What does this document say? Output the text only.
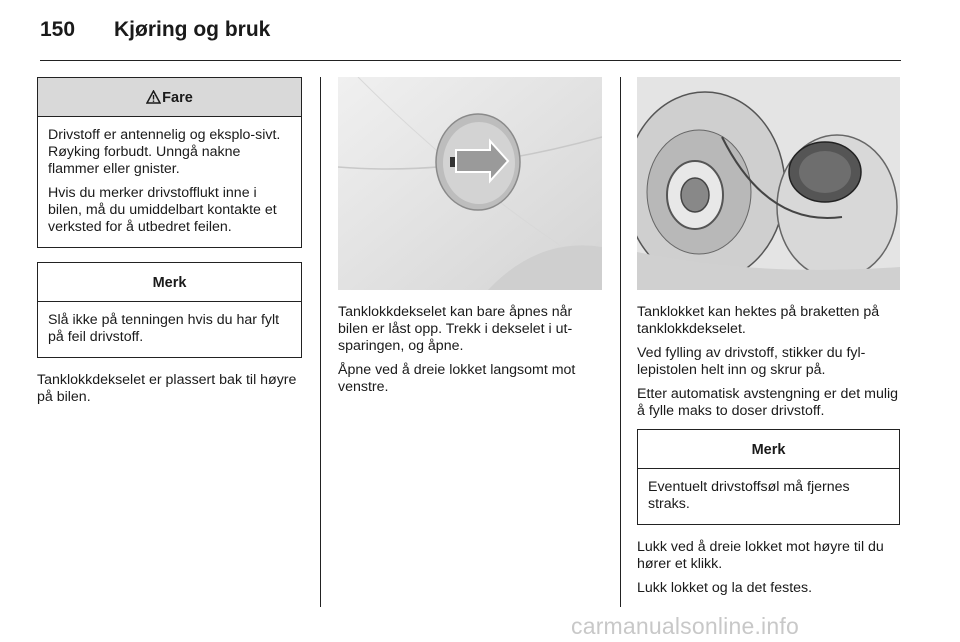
150	Kjøring og bruk
Fare

Drivstoff er antennelig og eksplo-sivt. Røyking forbudt. Unngå nakne flammer eller gnister.

Hvis du merker drivstofflukt inne i bilen, må du umiddelbart kontakte et verksted for å utbedret feilen.

Merk

Slå ikke på tenningen hvis du har fylt på feil drivstoff.

Tanklokkdekselet er plassert bak til høyre på bilen.

Tanklokkdekselet kan bare åpnes når bilen er låst opp. Trekk i dekselet i ut-sparingen, og åpne.

Åpne ved å dreie lokket langsomt mot venstre.

Tanklokket kan hektes på braketten på tanklokkdekselet.

Ved fylling av drivstoff, stikker du fyl-lepistolen helt inn og skrur på.

Etter automatisk avstengning er det mulig å fylle maks to doser drivstoff.

Merk

Eventuelt drivstoffsøl må fjernes straks.

Lukk ved å dreie lokket mot høyre til du hører et klikk.

Lukk lokket og la det festes.

carmanualsonline.info
